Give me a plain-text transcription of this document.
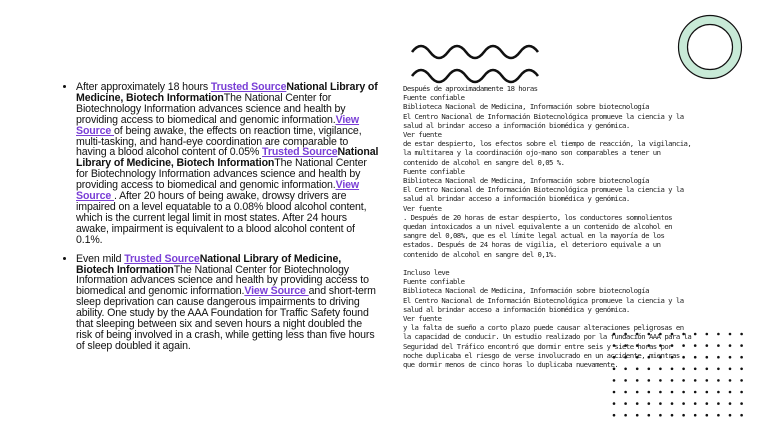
• After approximately 18 hours Trusted SourceNational Library of Medicine, Biotech InformationThe National Center for Biotechnology Information advances science and health by providing access to biomedical and genomic information.View Source of being awake, the effects on reaction time, vigilance, multi-tasking, and hand-eye coordination are comparable to having a blood alcohol content of 0.05% Trusted SourceNational Library of Medicine, Biotech InformationThe National Center for Biotechnology Information advances science and health by providing access to biomedical and genomic information.View Source . After 20 hours of being awake, drowsy drivers are impaired on a level equatable to a 0.08% blood alcohol content, which is the current legal limit in most states. After 24 hours awake, impairment is equivalent to a blood alcohol content of 0.1%.
• Even mild Trusted SourceNational Library of Medicine, Biotech InformationThe National Center for Biotechnology Information advances science and health by providing access to biomedical and genomic information.View Source and short-term sleep deprivation can cause dangerous impairments to driving ability. One study by the AAA Foundation for Traffic Safety found that sleeping between six and seven hours a night doubled the risk of being involved in a crash, while getting less than five hours of sleep doubled it again.
Después de aproximadamente 18 horas
Fuente confiable
Biblioteca Nacional de Medicina, Información sobre biotecnología
El Centro Nacional de Información Biotecnológica promueve la ciencia y la
salud al brindar acceso a información biomédica y genómica.
Ver fuente
de estar despierto, los efectos sobre el tiempo de reacción, la vigilancia,
la multitarea y la coordinación ojo-mano son comparables a tener un
contenido de alcohol en sangre del 0,05 %.
Fuente confiable
Biblioteca Nacional de Medicina, Información sobre biotecnología
El Centro Nacional de Información Biotecnológica promueve la ciencia y la
salud al brindar acceso a información biomédica y genómica.
Ver fuente
. Después de 20 horas de estar despierto, los conductores somnolientos
quedan intoxicados a un nivel equivalente a un contenido de alcohol en
sangre del 0,08%, que es el límite legal actual en la mayoría de los
estados. Después de 24 horas de vigilia, el deterioro equivale a un
contenido de alcohol en sangre del 0,1%.
Incluso leve
Fuente confiable
Biblioteca Nacional de Medicina, Información sobre biotecnología
El Centro Nacional de Información Biotecnológica promueve la ciencia y la
salud al brindar acceso a información biomédica y genómica.
Ver fuente
y la falta de sueño a corto plazo puede causar alteraciones peligrosas en
la capacidad de conducir. Un estudio realizado por la fundación AAA para la
Seguridad del Tráfico encontró que dormir entre seis y siete horas por
noche duplicaba el riesgo de verse involucrado en un accidente, mientras
que dormir menos de cinco horas lo duplicaba nuevamente.
